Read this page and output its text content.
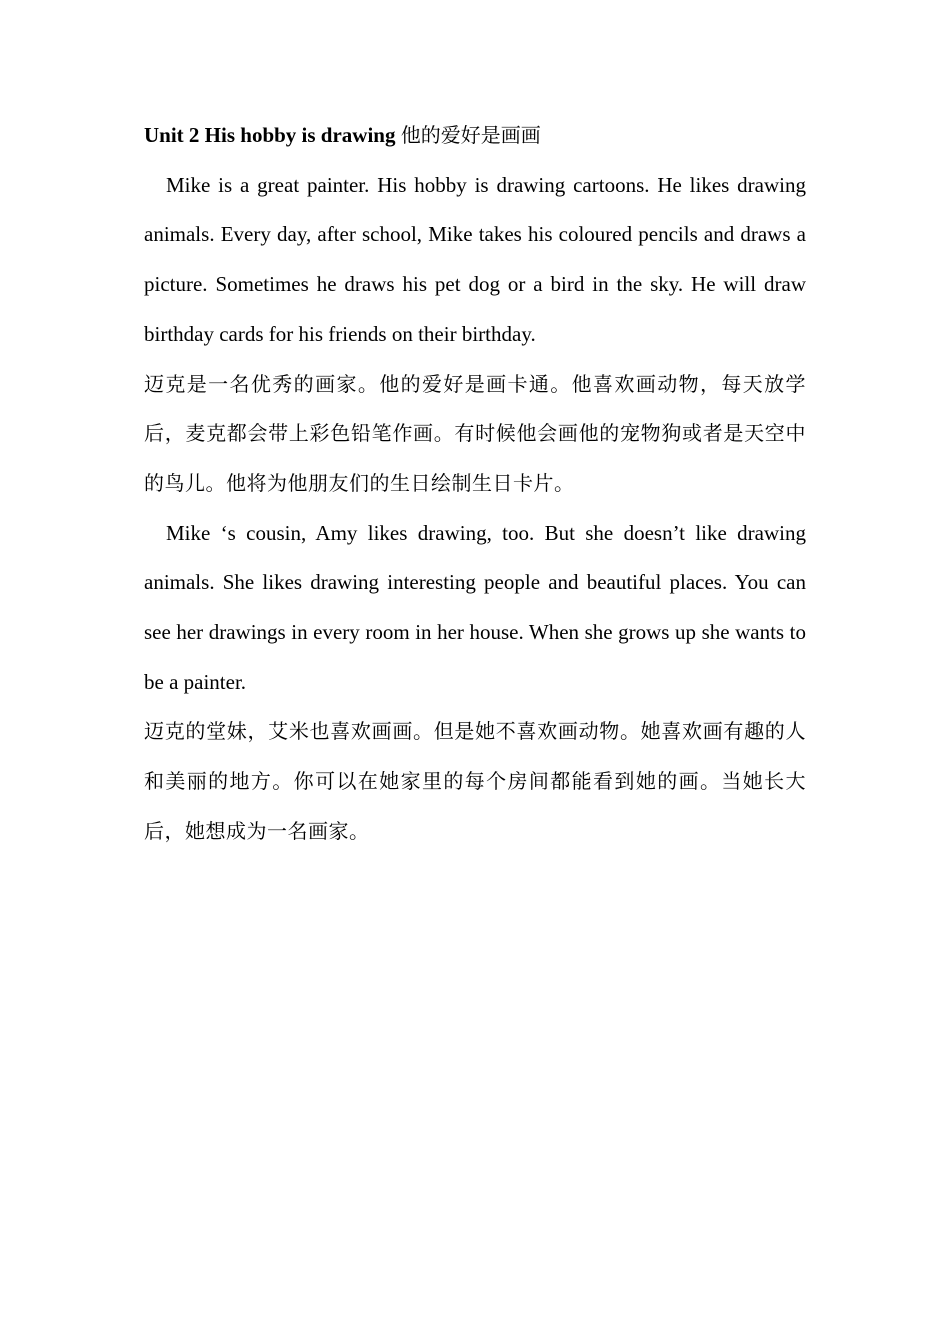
Unit 2 His hobby is drawing 他的爱好是画画

Mike is a great painter. His hobby is drawing cartoons. He likes drawing animals. Every day, after school, Mike takes his coloured pencils and draws a picture. Sometimes he draws his pet dog or a bird in the sky. He will draw birthday cards for his friends on their birthday.

迈克是一名优秀的画家。他的爱好是画卡通。他喜欢画动物，每天放学后，麦克都会带上彩色铅笔作画。有时候他会画他的宠物狗或者是天空中的鸟儿。他将为他朋友们的生日绘制生日卡片。

Mike ‘s cousin, Amy likes drawing, too. But she doesn’t like drawing animals. She likes drawing interesting people and beautiful places. You can see her drawings in every room in her house. When she grows up she wants to be a painter.

迈克的堂妹，艾米也喜欢画画。但是她不喜欢画动物。她喜欢画有趣的人和美丽的地方。你可以在她家里的每个房间都能看到她的画。当她长大后，她想成为一名画家。
